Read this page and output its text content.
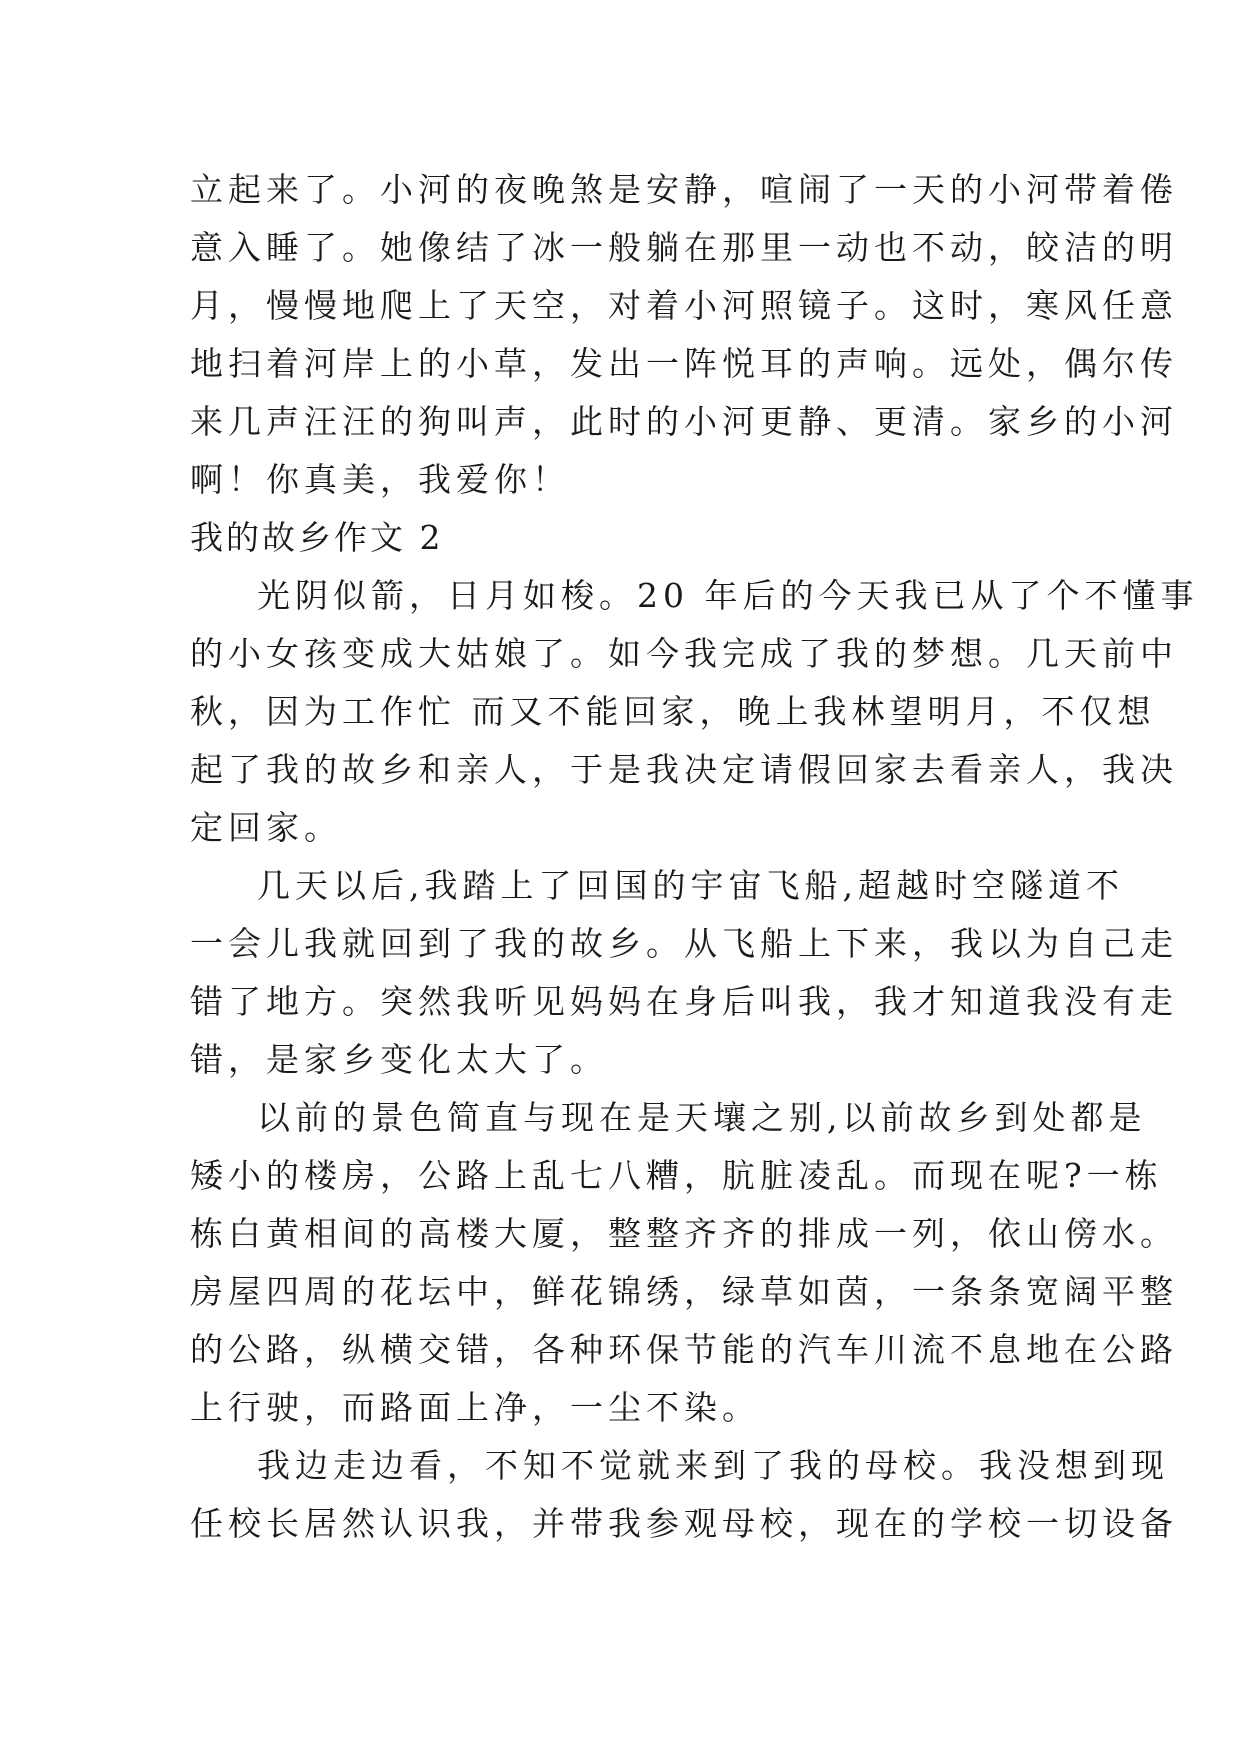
立起来了。小河的夜晚煞是安静，喧闹了一天的小河带着倦
意入睡了。她像结了冰一般躺在那里一动也不动，皎洁的明
月，慢慢地爬上了天空，对着小河照镜子。这时，寒风任意
地扫着河岸上的小草，发出一阵悦耳的声响。远处，偶尔传
来几声汪汪的狗叫声，此时的小河更静、更清。家乡的小河
啊！你真美，我爱你！
我的故乡作文 2
光阴似箭，日月如梭。20 年后的今天我已从了个不懂事
的小女孩变成大姑娘了。如今我完成了我的梦想。几天前中
秋，因为工作忙 而又不能回家，晚上我林望明月，不仅想
起了我的故乡和亲人，于是我决定请假回家去看亲人，我决
定回家。
几天以后,我踏上了回国的宇宙飞船,超越时空隧道不
一会儿我就回到了我的故乡。从飞船上下来，我以为自己走
错了地方。突然我听见妈妈在身后叫我，我才知道我没有走
错，是家乡变化太大了。
以前的景色简直与现在是天壤之别,以前故乡到处都是
矮小的楼房，公路上乱七八糟，肮脏凌乱。而现在呢?一栋
栋白黄相间的高楼大厦，整整齐齐的排成一列，依山傍水。
房屋四周的花坛中，鲜花锦绣，绿草如茵，一条条宽阔平整
的公路，纵横交错，各种环保节能的汽车川流不息地在公路
上行驶，而路面上净，一尘不染。
我边走边看，不知不觉就来到了我的母校。我没想到现
任校长居然认识我，并带我参观母校，现在的学校一切设备
